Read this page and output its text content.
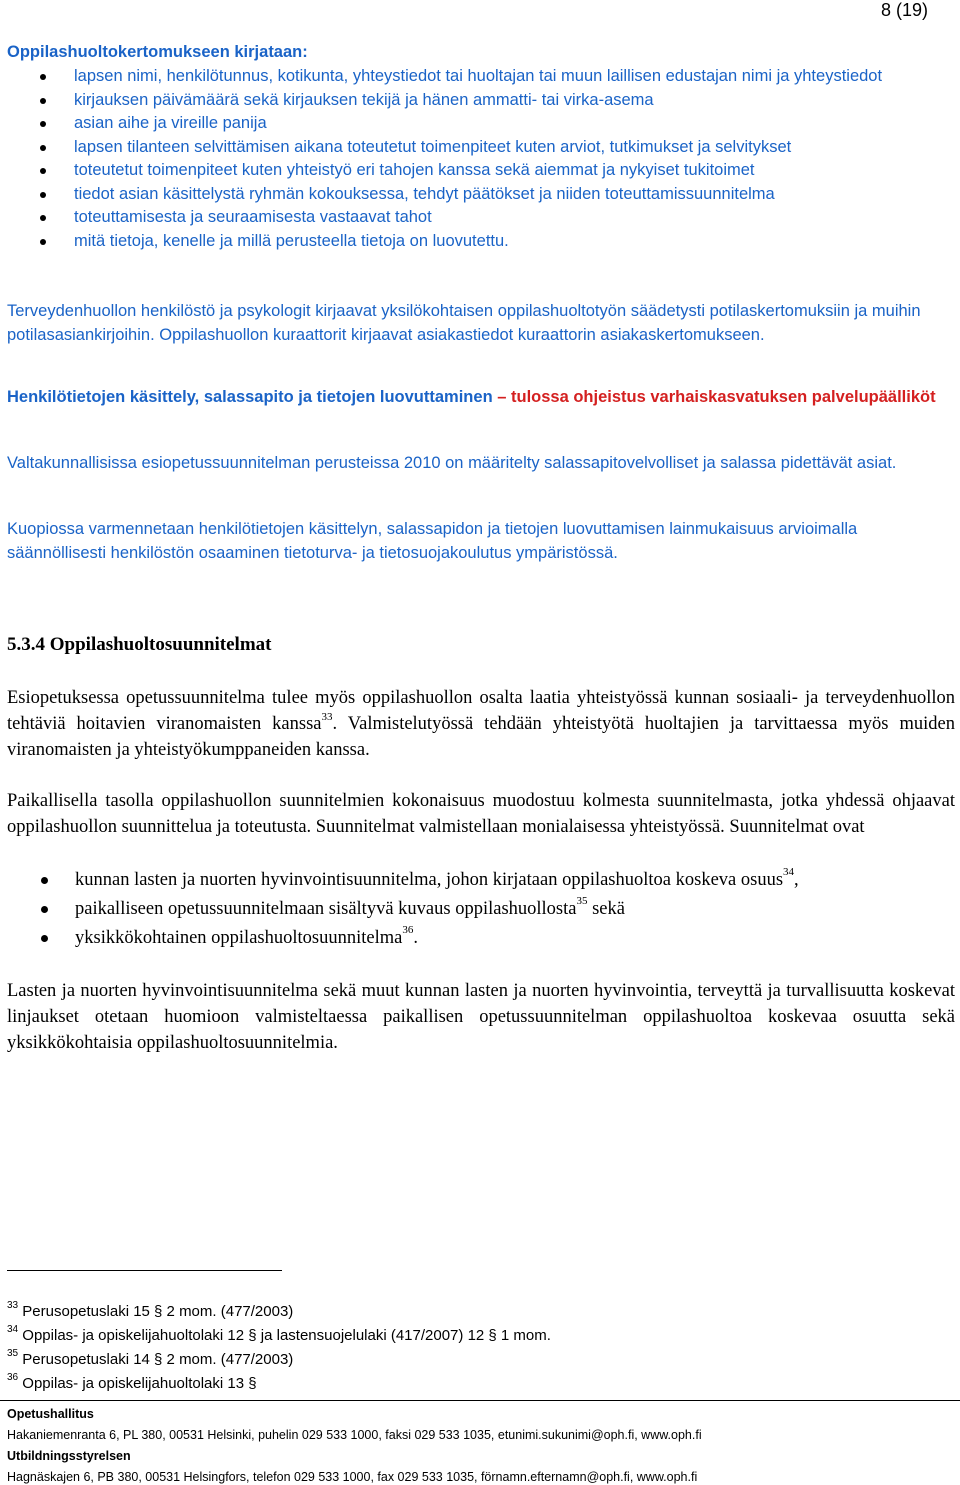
8 (19)
Oppilashuoltokertomukseen kirjataan:
lapsen nimi, henkilötunnus, kotikunta, yhteystiedot tai huoltajan tai muun laillisen edustajan nimi ja yhteystiedot
kirjauksen päivämäärä sekä kirjauksen tekijä ja hänen ammatti- tai virka-asema
asian aihe ja vireille panija
lapsen tilanteen selvittämisen aikana toteutetut toimenpiteet kuten arviot, tutkimukset ja selvitykset
toteutetut toimenpiteet kuten yhteistyö eri tahojen kanssa sekä aiemmat ja nykyiset tukitoimet
tiedot asian käsittelystä ryhmän kokouksessa, tehdyt päätökset ja niiden toteuttamissuunnitelma
toteuttamisesta ja seuraamisesta vastaavat tahot
mitä tietoja, kenelle ja millä perusteella tietoja on luovutettu.

Terveydenhuollon henkilöstö ja psykologit kirjaavat yksilökohtaisen oppilashuoltotyön säädetysti potilaskertomuksiin ja muihin potilasasiankirjoihin. Oppilashuollon kuraattorit kirjaavat asiakastiedot kuraattorin asiakaskertomukseen.

Henkilötietojen käsittely, salassapito ja tietojen luovuttaminen – tulossa ohjeistus varhaiskasvatuksen palvelupäälliköt

Valtakunnallisissa esiopetussuunnitelman perusteissa 2010 on määritelty salassapitovelvolliset ja salassa pidettävät asiat.

Kuopiossa varmennetaan henkilötietojen käsittelyn, salassapidon ja tietojen luovuttamisen lainmukaisuus arvioimalla säännöllisesti henkilöstön osaaminen tietoturva- ja tietosuojakoulutus ympäristössä.

5.3.4 Oppilashuoltosuunnitelmat

Esiopetuksessa opetussuunnitelma tulee myös oppilashuollon osalta laatia yhteistyössä kunnan sosiaali- ja terveydenhuollon tehtäviä hoitavien viranomaisten kanssa$^{33}$. Valmistelutyössä tehdään yhteistyötä huoltajien ja tarvittaessa myös muiden viranomaisten ja yhteistyökumppaneiden kanssa.

Paikallisella tasolla oppilashuollon suunnitelmien kokonaisuus muodostuu kolmesta suunnitelmasta, jotka yhdessä ohjaavat oppilashuollon suunnittelua ja toteutusta. Suunnitelmat valmistellaan monialaisessa yhteistyössä. Suunnitelmat ovat

kunnan lasten ja nuorten hyvinvointisuunnitelma, johon kirjataan oppilashuoltoa koskeva osuus$^{34}$,
paikalliseen opetussuunnitelmaan sisältyvä kuvaus oppilashuollosta$^{35}$ sekä
yksikkökohtainen oppilashuoltosuunnitelma$^{36}$.

Lasten ja nuorten hyvinvointisuunnitelma sekä muut kunnan lasten ja nuorten hyvinvointia, terveyttä ja turvallisuutta koskevat linjaukset otetaan huomioon valmisteltaessa paikallisen opetussuunnitelman oppilashuoltoa koskevaa osuutta sekä yksikkökohtaisia oppilashuoltosuunnitelmia.

$^{33}$ Perusopetuslaki 15 § 2 mom. (477/2003)
$^{34}$ Oppilas- ja opiskelijahuoltolaki 12 § ja lastensuojelulaki (417/2007) 12 § 1 mom.
$^{35}$ Perusopetuslaki 14 § 2 mom. (477/2003)
$^{36}$ Oppilas- ja opiskelijahuoltolaki 13 §
Opetushallitus
Hakaniemenranta 6, PL 380, 00531 Helsinki, puhelin 029 533 1000, faksi 029 533 1035, etunimi.sukunimi@oph.fi, www.oph.fi
Utbildningsstyrelsen
Hagnäskajen 6, PB 380, 00531 Helsingfors, telefon 029 533 1000, fax 029 533 1035, förnamn.efternamn@oph.fi, www.oph.fi
